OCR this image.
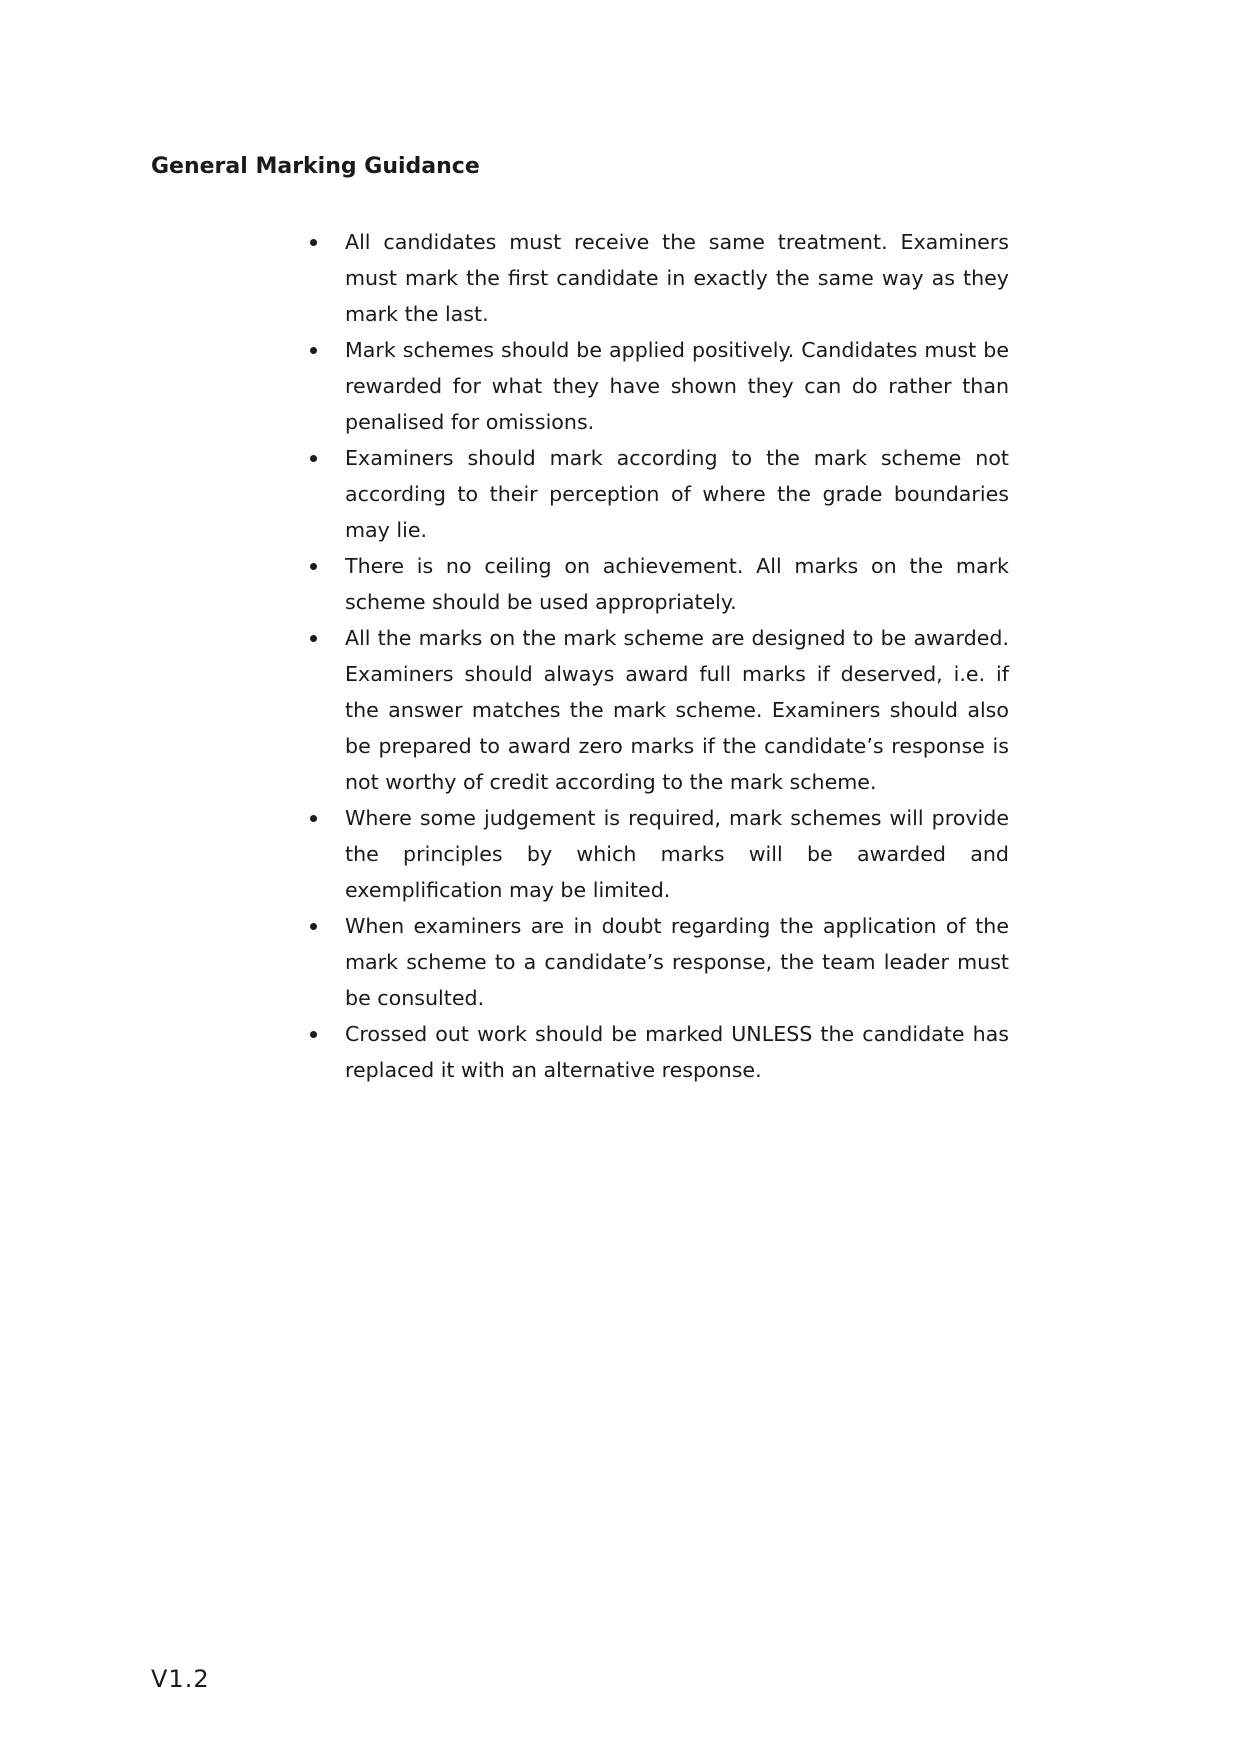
General Marking Guidance
All candidates must receive the same treatment. Examiners must mark the first candidate in exactly the same way as they mark the last.
Mark schemes should be applied positively. Candidates must be rewarded for what they have shown they can do rather than penalised for omissions.
Examiners should mark according to the mark scheme not according to their perception of where the grade boundaries may lie.
There is no ceiling on achievement. All marks on the mark scheme should be used appropriately.
All the marks on the mark scheme are designed to be awarded. Examiners should always award full marks if deserved, i.e. if the answer matches the mark scheme. Examiners should also be prepared to award zero marks if the candidate’s response is not worthy of credit according to the mark scheme.
Where some judgement is required, mark schemes will provide the principles by which marks will be awarded and exemplification may be limited.
When examiners are in doubt regarding the application of the mark scheme to a candidate’s response, the team leader must be consulted.
Crossed out work should be marked UNLESS the candidate has replaced it with an alternative response.
V1.2
